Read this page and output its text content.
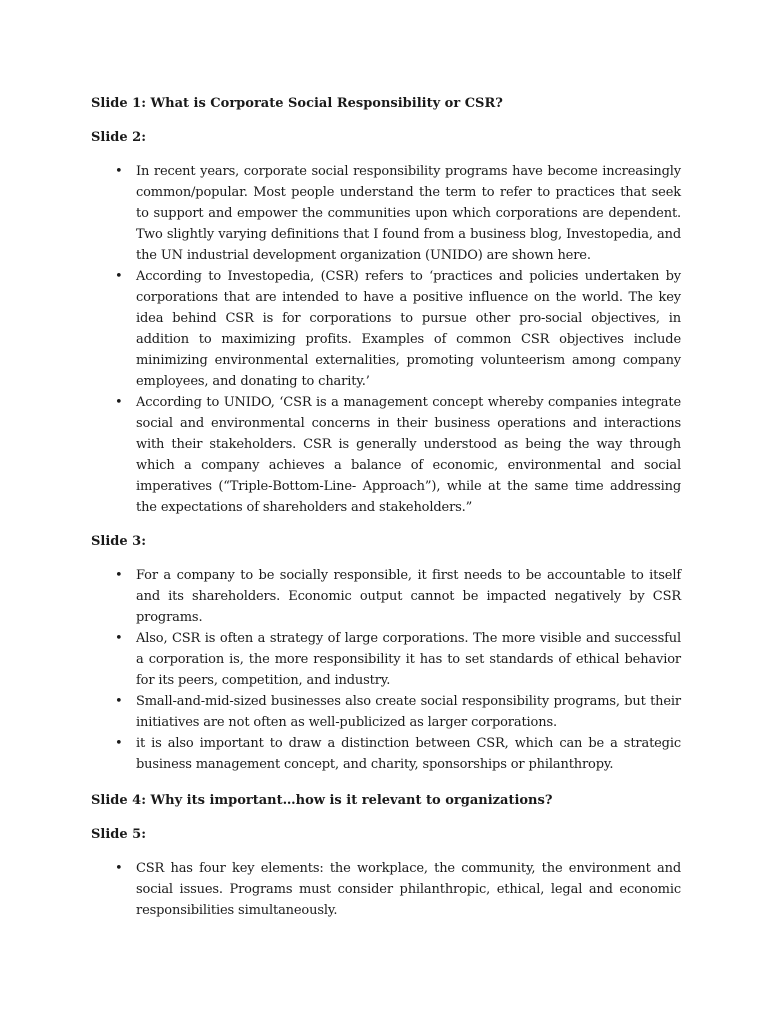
Slide 1: What is Corporate Social Responsibility or CSR?
Slide 2:
• In recent years, corporate social responsibility programs have become increasingly common/popular. Most people understand the term to refer to practices that seek to support and empower the communities upon which corporations are dependent. Two slightly varying definitions that I found from a business blog, Investopedia, and the UN industrial development organization (UNIDO) are shown here.
• According to Investopedia, (CSR) refers to ‘practices and policies undertaken by corporations that are intended to have a positive influence on the world. The key idea behind CSR is for corporations to pursue other pro-social objectives, in addition to maximizing profits. Examples of common CSR objectives include minimizing environmental externalities, promoting volunteerism among company employees, and donating to charity.’
• According to UNIDO, ‘CSR is a management concept whereby companies integrate social and environmental concerns in their business operations and interactions with their stakeholders. CSR is generally understood as being the way through which a company achieves a balance of economic, environmental and social imperatives (“Triple-Bottom-Line- Approach”), while at the same time addressing the expectations of shareholders and stakeholders.”
Slide 3:
• For a company to be socially responsible, it first needs to be accountable to itself and its shareholders. Economic output cannot be impacted negatively by CSR programs.
• Also, CSR is often a strategy of large corporations. The more visible and successful a corporation is, the more responsibility it has to set standards of ethical behavior for its peers, competition, and industry.
• Small-and-mid-sized businesses also create social responsibility programs, but their initiatives are not often as well-publicized as larger corporations.
• it is also important to draw a distinction between CSR, which can be a strategic business management concept, and charity, sponsorships or philanthropy.
Slide 4: Why its important…how is it relevant to organizations?
Slide 5:
• CSR has four key elements: the workplace, the community, the environment and social issues. Programs must consider philanthropic, ethical, legal and economic responsibilities simultaneously.
